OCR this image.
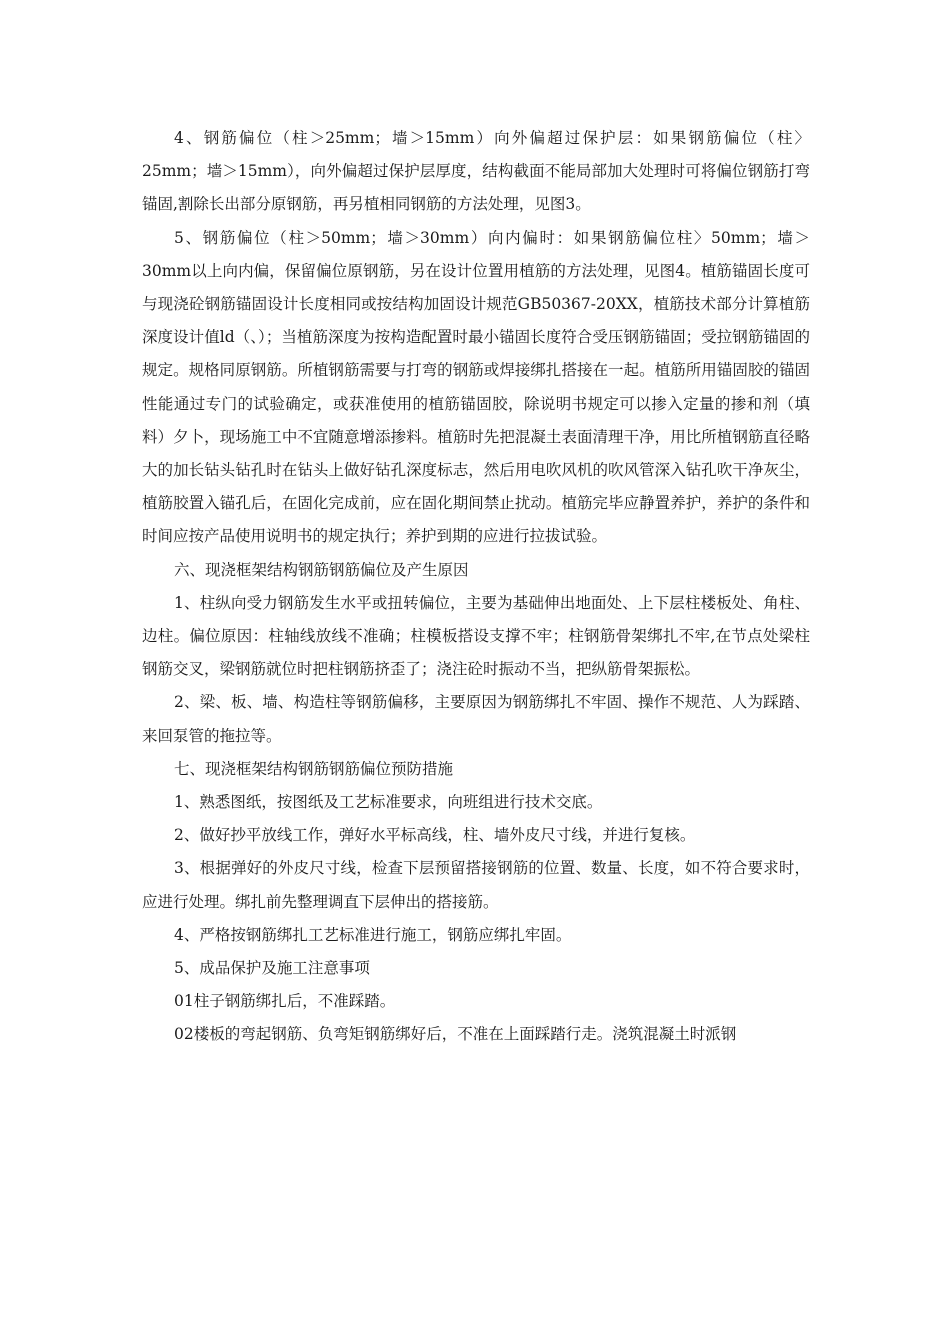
4、钢筋偏位（柱＞25mm；墙＞15mm）向外偏超过保护层：如果钢筋偏位（柱〉25mm；墙＞15mm），向外偏超过保护层厚度，结构截面不能局部加大处理时可将偏位钢筋打弯锚固,割除长出部分原钢筋，再另植相同钢筋的方法处理，见图3。

5、钢筋偏位（柱＞50mm；墙＞30mm）向内偏时：如果钢筋偏位柱〉50mm；墙＞30mm以上向内偏，保留偏位原钢筋，另在设计位置用植筋的方法处理，见图4。植筋锚固长度可与现浇砼钢筋锚固设计长度相同或按结构加固设计规范GB50367-20XX，植筋技术部分计算植筋深度设计值ld（、）；当植筋深度为按构造配置时最小锚固长度符合受压钢筋锚固；受拉钢筋锚固的规定。规格同原钢筋。所植钢筋需要与打弯的钢筋或焊接绑扎搭接在一起。植筋所用锚固胶的锚固性能通过专门的试验确定，或获准使用的植筋锚固胶，除说明书规定可以掺入定量的掺和剂（填料）夕卜，现场施工中不宜随意增添掺料。植筋时先把混凝土表面清理干净，用比所植钢筋直径略大的加长钻头钻孔时在钻头上做好钻孔深度标志，然后用电吹风机的吹风管深入钻孔吹干净灰尘，植筋胶置入锚孔后，在固化完成前，应在固化期间禁止扰动。植筋完毕应静置养护，养护的条件和时间应按产品使用说明书的规定执行；养护到期的应进行拉拔试验。

六、现浇框架结构钢筋钢筋偏位及产生原因

1、柱纵向受力钢筋发生水平或扭转偏位，主要为基础伸出地面处、上下层柱楼板处、角柱、边柱。偏位原因：柱轴线放线不准确；柱模板搭设支撑不牢；柱钢筋骨架绑扎不牢,在节点处梁柱钢筋交叉，梁钢筋就位时把柱钢筋挤歪了；浇注砼时振动不当，把纵筋骨架振松。

2、梁、板、墙、构造柱等钢筋偏移，主要原因为钢筋绑扎不牢固、操作不规范、人为踩踏、来回泵管的拖拉等。

七、现浇框架结构钢筋钢筋偏位预防措施

1、熟悉图纸，按图纸及工艺标准要求，向班组进行技术交底。

2、做好抄平放线工作，弹好水平标高线，柱、墙外皮尺寸线，并进行复核。

3、根据弹好的外皮尺寸线，检查下层预留搭接钢筋的位置、数量、长度，如不符合要求时，应进行处理。绑扎前先整理调直下层伸出的搭接筋。

4、严格按钢筋绑扎工艺标准进行施工，钢筋应绑扎牢固。

5、成品保护及施工注意事项

01柱子钢筋绑扎后，不准踩踏。

02楼板的弯起钢筋、负弯矩钢筋绑好后，不准在上面踩踏行走。浇筑混凝土时派钢
